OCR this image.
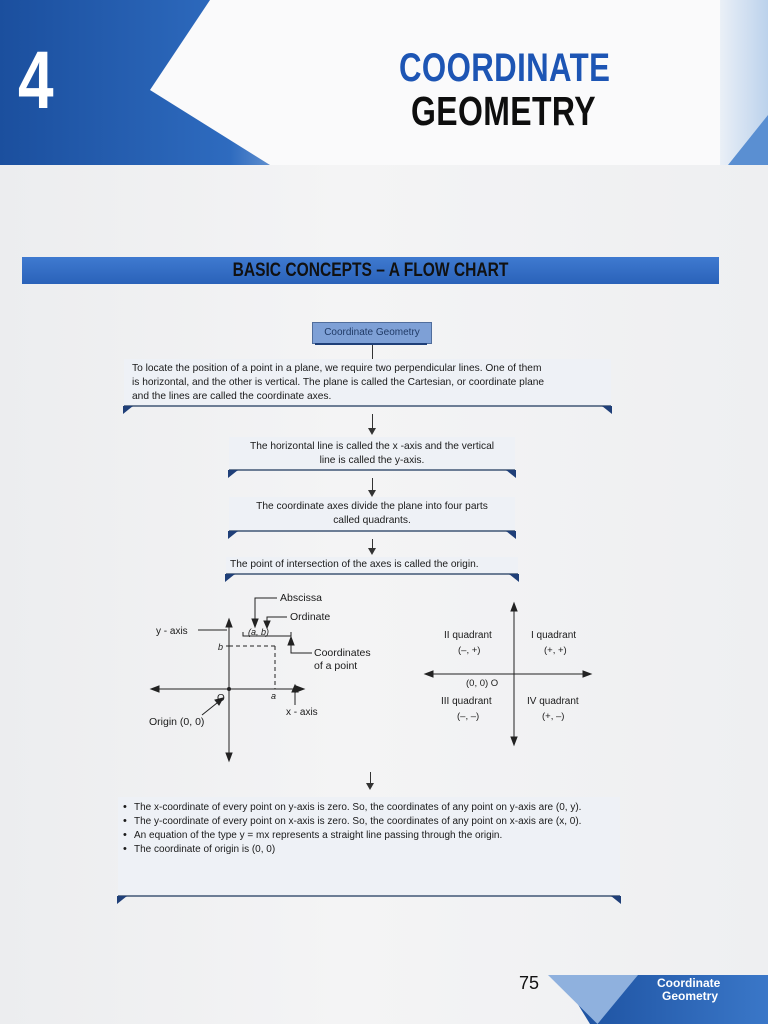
4	COORDINATE
GEOMETRY
BASIC CONCEPTS – A FLOW CHART
Coordinate Geometry
To locate the position of a point in a plane, we require two perpendicular lines. One of them
is horizontal, and the other is vertical. The plane is called the Cartesian, or coordinate plane
and the lines are called the coordinate axes.
The horizontal line is called the x -axis and the vertical
line is called the y-axis.
The coordinate axes divide the plane into four parts
called quadrants.
The point of intersection of the axes is called the origin.
Abscissa
Ordinate
y - axis	(a, b)
b	Coordinates
of a point
O	a
x - axis
Origin (0, 0)
II quadrant
(–, +)
I quadrant
(+, +)
(0, 0) O
III quadrant
(–, –)
IV quadrant
(+, –)
• The x-coordinate of every point on y-axis is zero. So, the coordinates of any point on y-axis are (0, y).
• The y-coordinate of every point on x-axis is zero. So, the coordinates of any point on x-axis are (x, 0).
• An equation of the type y = mx represents a straight line passing through the origin.
• The coordinate of origin is (0, 0)
75	Coordinate
Geometry
